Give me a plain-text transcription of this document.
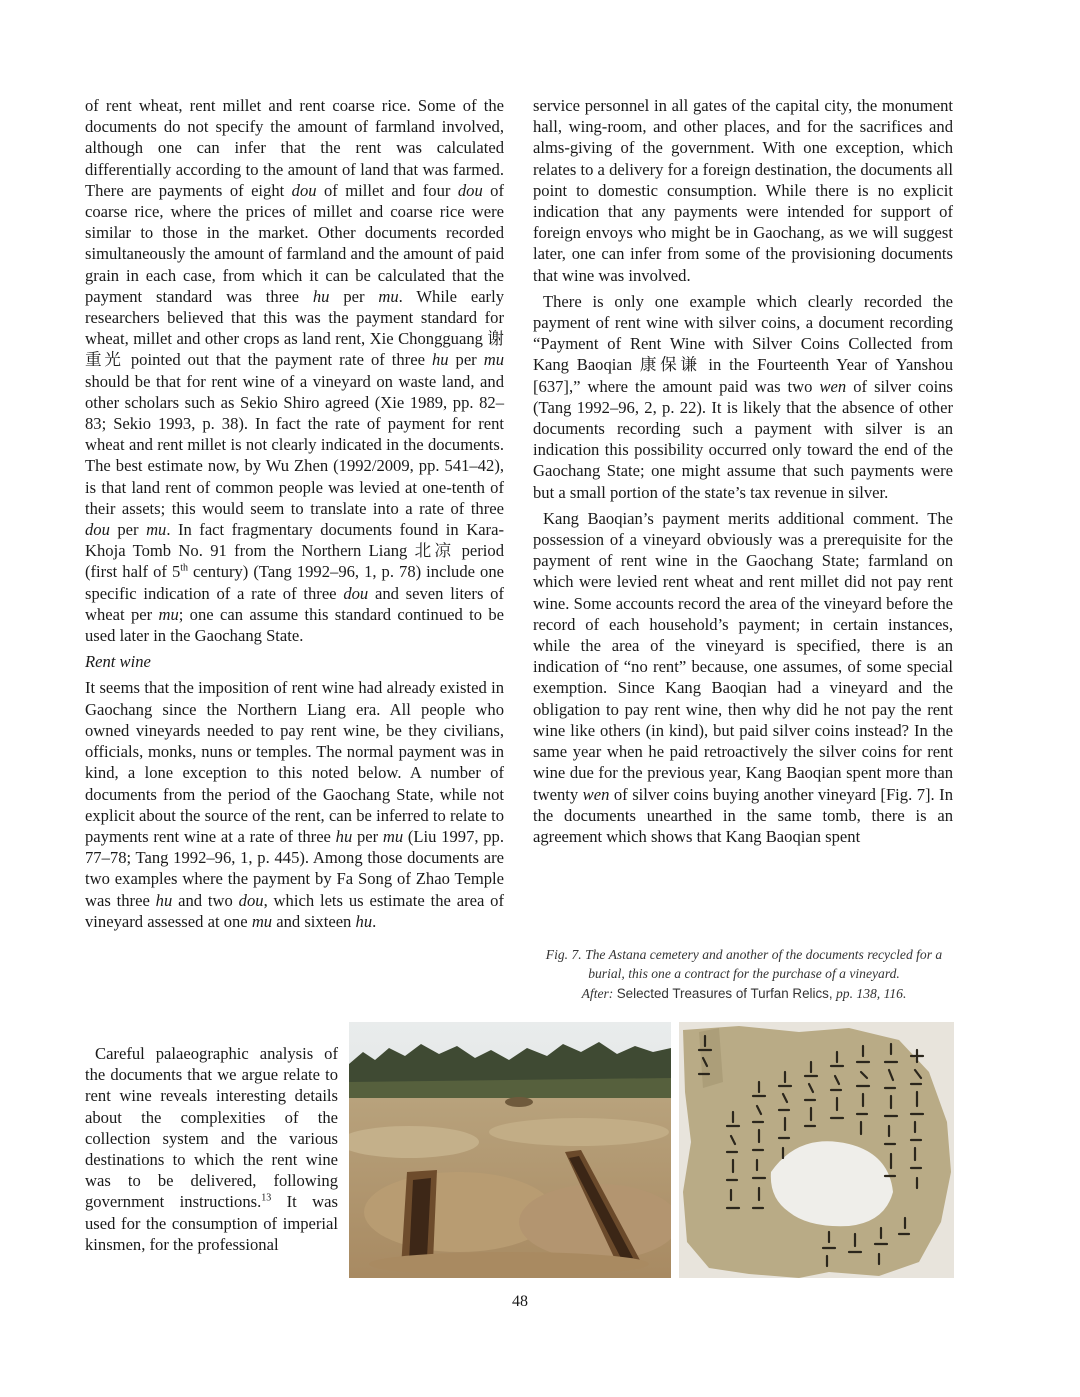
of rent wheat, rent millet and rent coarse rice. Some of the documents do not specify the amount of farmland involved, although one can infer that the rent was calculated differentially according to the amount of land that was farmed. There are payments of eight dou of millet and four dou of coarse rice, where the prices of millet and coarse rice were similar to those in the market. Other documents recorded simultaneously the amount of farmland and the amount of paid grain in each case, from which it can be calculated that the payment standard was three hu per mu. While early researchers believed that this was the payment standard for wheat, millet and other crops as land rent, Xie Chongguang 谢重光 pointed out that the payment rate of three hu per mu should be that for rent wine of a vineyard on waste land, and other scholars such as Sekio Shiro agreed (Xie 1989, pp. 82–83; Sekio 1993, p. 38). In fact the rate of payment for rent wheat and rent millet is not clearly indicated in the documents. The best estimate now, by Wu Zhen (1992/2009, pp. 541–42), is that land rent of common people was levied at one-tenth of their assets; this would seem to translate into a rate of three dou per mu. In fact fragmentary documents found in Kara-Khoja Tomb No. 91 from the Northern Liang 北凉 period (first half of 5th century) (Tang 1992–96, 1, p. 78) include one specific indication of a rate of three dou and seven liters of wheat per mu; one can assume this standard continued to be used later in the Gaochang State.

Rent wine

It seems that the imposition of rent wine had already existed in Gaochang since the Northern Liang era. All people who owned vineyards needed to pay rent wine, be they civilians, officials, monks, nuns or temples. The normal payment was in kind, a lone exception to this noted below. A number of documents from the period of the Gaochang State, while not explicit about the source of the rent, can be inferred to relate to payments rent wine at a rate of three hu per mu (Liu 1997, pp. 77–78; Tang 1992–96, 1, p. 445). Among those documents are two examples where the payment by Fa Song of Zhao Temple was three hu and two dou, which lets us estimate the area of vineyard assessed at one mu and sixteen hu.

Careful palaeographic analysis of the documents that we argue relate to rent wine reveals interesting details about the complexities of the collection system and the various destinations to which the rent wine was to be delivered, following government instructions.$^{13}$ It was used for the consumption of imperial kinsmen, for the professional

service personnel in all gates of the capital city, the monument hall, wing-room, and other places, and for the sacrifices and alms-giving of the government. With one exception, which relates to a delivery for a foreign destination, the documents all point to domestic consumption. While there is no explicit indication that any payments were intended for support of foreign envoys who might be in Gaochang, as we will suggest later, one can infer from some of the provisioning documents that wine was involved.

There is only one example which clearly recorded the payment of rent wine with silver coins, a document recording “Payment of Rent Wine with Silver Coins Collected from Kang Baoqian 康保谦 in the Fourteenth Year of Yanshou [637],” where the amount paid was two wen of silver coins (Tang 1992–96, 2, p. 22). It is likely that the absence of other documents recording such a payment with silver is an indication this possibility occurred only toward the end of the Gaochang State; one might assume that such payments were but a small portion of the state’s tax revenue in silver.

Kang Baoqian’s payment merits additional comment. The possession of a vineyard obviously was a prerequisite for the payment of rent wine in the Gaochang State; farmland on which were levied rent wheat and rent millet did not pay rent wine. Some accounts record the area of the vineyard before the record of each household’s payment; in certain instances, while the area of the vineyard is specified, there is an indication of “no rent” because, one assumes, of some special exemption. Since Kang Baoqian had a vineyard and the obligation to pay rent wine, then why did he not pay the rent wine like others (in kind), but paid silver coins instead? In the same year when he paid retroactively the silver coins for rent wine due for the previous year, Kang Baoqian spent more than twenty wen of silver coins buying another vineyard [Fig. 7]. In the documents unearthed in the same tomb, there is an agreement which shows that Kang Baoqian spent

Fig. 7. The Astana cemetery and another of the documents recycled for a burial, this one a contract for the purchase of a vineyard.
After: Selected Treasures of Turfan Relics, pp. 138, 116.
48
